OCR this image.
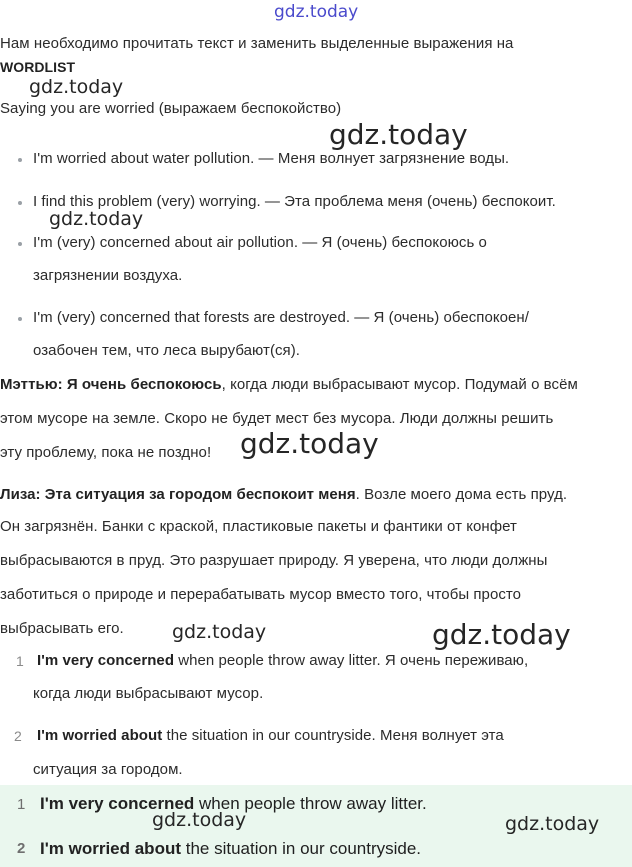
gdz.today
Нам необходимо прочитать текст и заменить выделенные выражения на
WORDLIST
gdz.today
Saying you are worried (выражаем беспокойство)
gdz.today
I'm worried about water pollution. — Меня волнует загрязнение воды.
I find this problem (very) worrying. — Эта проблема меня (очень) беспокоит.
gdz.today
I'm (very) concerned about air pollution. — Я (очень) беспокоюсь о
загрязнении воздуха.
I'm (very) concerned that forests are destroyed. — Я (очень) обеспокоен/
озабочен тем, что леса вырубают(ся).
Мэттью: Я очень беспокоюсь, когда люди выбрасывают мусор. Подумай о всём
этом мусоре на земле. Скоро не будет мест без мусора. Люди должны решить
эту проблему, пока не поздно! gdz.today
Лиза: Эта ситуация за городом беспокоит меня. Возле моего дома есть пруд.
Он загрязнён. Банки с краской, пластиковые пакеты и фантики от конфет
выбрасываются в пруд. Это разрушает природу. Я уверена, что люди должны
заботиться о природе и перерабатывать мусор вместо того, чтобы просто
выбрасывать его.	gdz.today	gdz.today
1 I'm very concerned when people throw away litter. Я очень переживаю,
когда люди выбрасывают мусор.
2 I'm worried about the situation in our countryside. Меня волнует эта
ситуация за городом.
1 I'm very concerned when people throw away litter.
gdz.today	gdz.today
2 I'm worried about the situation in our countryside.
